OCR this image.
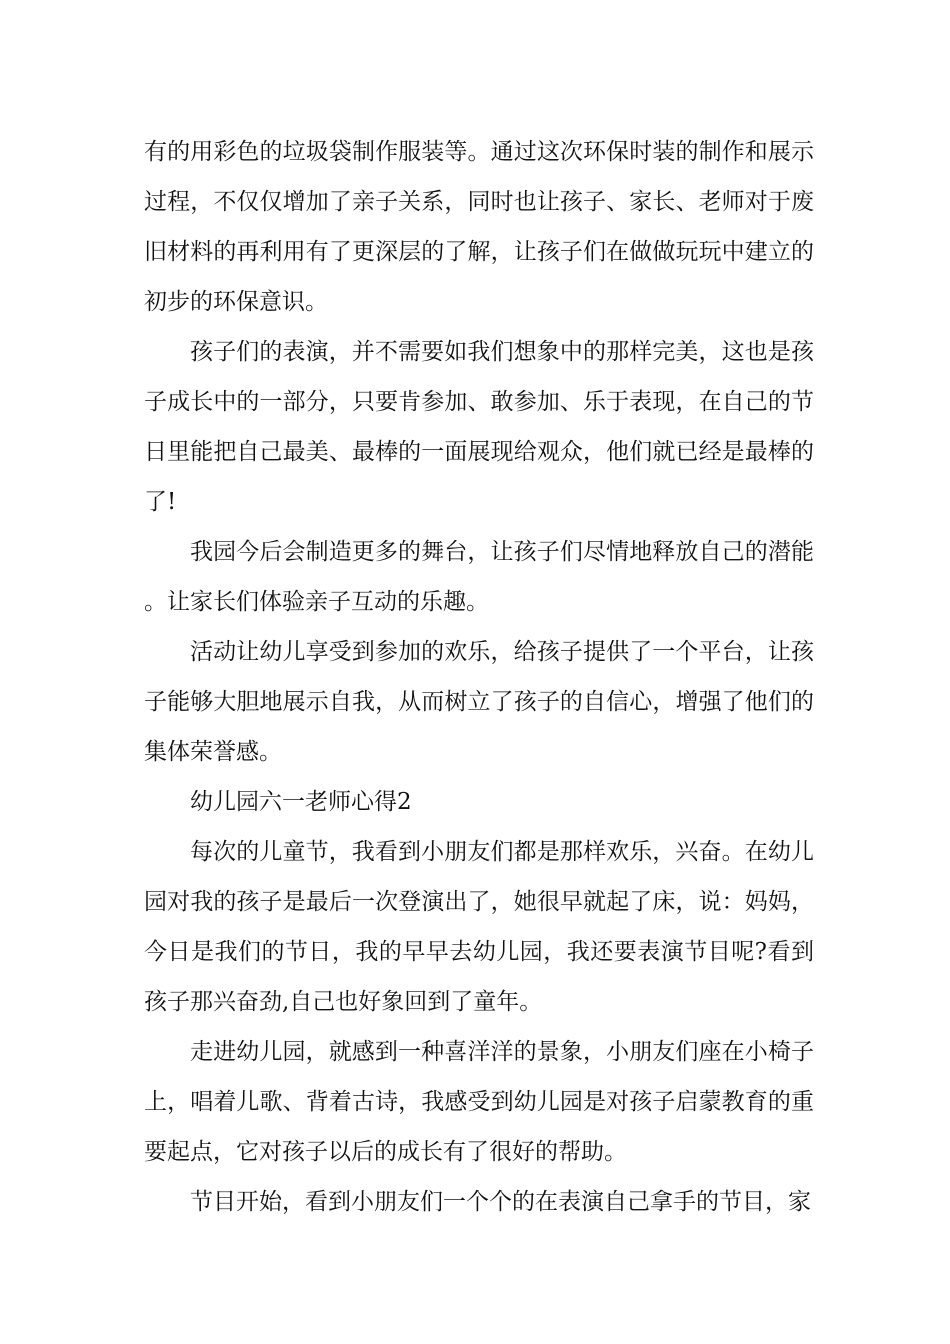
有的用彩色的垃圾袋制作服装等。通过这次环保时装的制作和展示过程，不仅仅增加了亲子关系，同时也让孩子、家长、老师对于废旧材料的再利用有了更深层的了解，让孩子们在做做玩玩中建立的初步的环保意识。

孩子们的表演，并不需要如我们想象中的那样完美，这也是孩子成长中的一部分，只要肯参加、敢参加、乐于表现，在自己的节日里能把自己最美、最棒的一面展现给观众，他们就已经是最棒的了!

我园今后会制造更多的舞台，让孩子们尽情地释放自己的潜能。让家长们体验亲子互动的乐趣。

活动让幼儿享受到参加的欢乐，给孩子提供了一个平台，让孩子能够大胆地展示自我，从而树立了孩子的自信心，增强了他们的集体荣誉感。

幼儿园六一老师心得2

每次的儿童节，我看到小朋友们都是那样欢乐，兴奋。在幼儿园对我的孩子是最后一次登演出了，她很早就起了床，说：妈妈，今日是我们的节日，我的早早去幼儿园，我还要表演节目呢?看到孩子那兴奋劲,自己也好象回到了童年。

走进幼儿园，就感到一种喜洋洋的景象，小朋友们座在小椅子上，唱着儿歌、背着古诗，我感受到幼儿园是对孩子启蒙教育的重要起点，它对孩子以后的成长有了很好的帮助。

节目开始，看到小朋友们一个个的在表演自己拿手的节目，家
